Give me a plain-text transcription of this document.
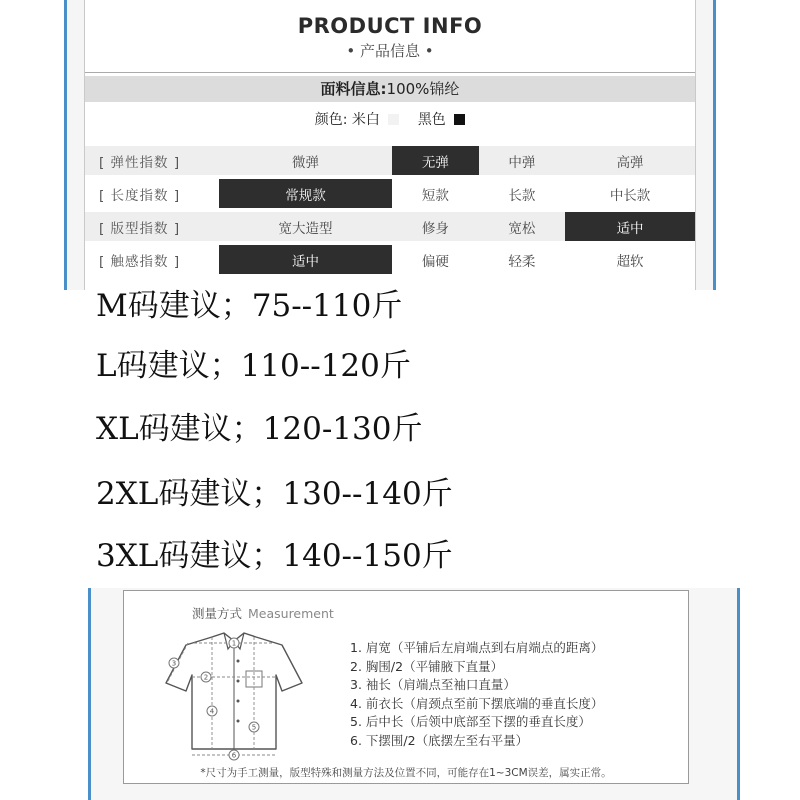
PRODUCT INFO
• 产品信息 •
面料信息:100%锦纶
颜色: 米白	黑色
[ 弹性指数 ]	微弹	无弹	中弹	高弹
[ 长度指数 ]	常规款	短款	长款	中长款
[ 版型指数 ]	宽大造型	修身	宽松	适中
[ 触感指数 ]	适中	偏硬	轻柔	超软
M码建议；75--110斤
L码建议；110--120斤
XL码建议；120-130斤
2XL码建议；130--140斤
3XL码建议；140--150斤
测量方式 Measurement
1
2
3
4
5
6
1. 肩宽（平铺后左肩端点到右肩端点的距离）
2. 胸围/2（平铺腋下直量）
3. 袖长（肩端点至袖口直量）
4. 前衣长（肩颈点至前下摆底端的垂直长度）
5. 后中长（后领中底部至下摆的垂直长度）
6. 下摆围/2（底摆左至右平量）
*尺寸为手工测量，版型特殊和测量方法及位置不同，可能存在1~3CM误差，属实正常。
